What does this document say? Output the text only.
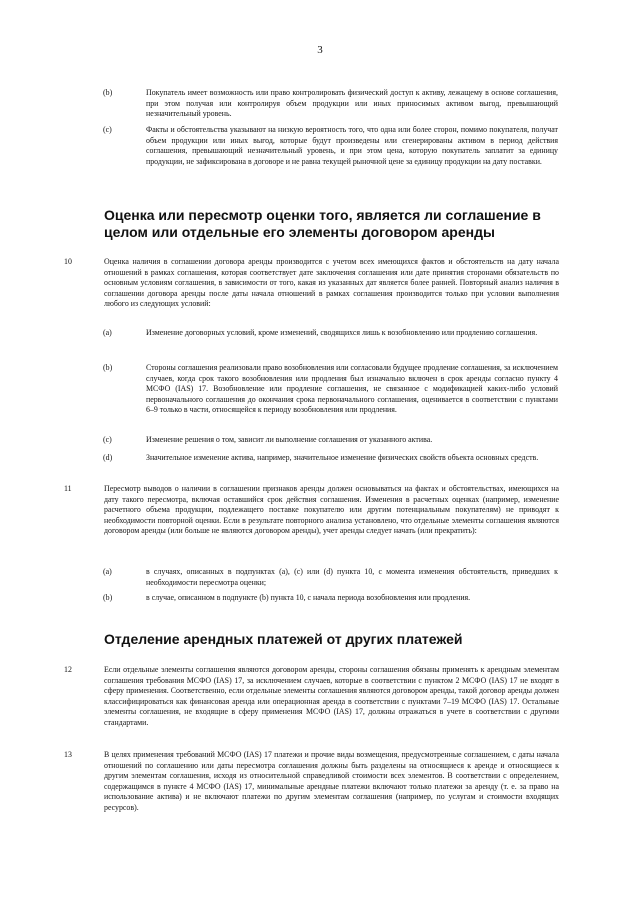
3
(b)	Покупатель имеет возможность или право контролировать физический доступ к активу, лежащему в основе соглашения, при этом получая или контролируя объем продукции или иных приносимых активом выгод, превышающий незначительный уровень.
(c)	Факты и обстоятельства указывают на низкую вероятность того, что одна или более сторон, помимо покупателя, получат объем продукции или иных выгод, которые будут произведены или сгенерированы активом в период действия соглашения, превышающий незначительный уровень, и при этом цена, которую покупатель заплатит за единицу продукции, не зафиксирована в договоре и не равна текущей рыночной цене за единицу продукции на дату поставки.
Оценка или пересмотр оценки того, является ли соглашение в целом или отдельные его элементы договором аренды
10	Оценка наличия в соглашении договора аренды производится с учетом всех имеющихся фактов и обстоятельств на дату начала отношений в рамках соглашения, которая соответствует дате заключения соглашения или дате принятия сторонами обязательств по основным условиям соглашения, в зависимости от того, какая из указанных дат является более ранней. Повторный анализ наличия в соглашении договора аренды после даты начала отношений в рамках соглашения производится только при условии выполнения любого из следующих условий:
(a)	Изменение договорных условий, кроме изменений, сводящихся лишь к возобновлению или продлению соглашения.
(b)	Стороны соглашения реализовали право возобновления или согласовали будущее продление соглашения, за исключением случаев, когда срок такого возобновления или продления был изначально включен в срок аренды согласно пункту 4 МСФО (IAS) 17. Возобновление или продление соглашения, не связанное с модификацией каких-либо условий первоначального соглашения до окончания срока первоначального соглашения, оценивается в соответствии с пунктами 6–9 только в части, относящейся к периоду возобновления или продления.
(c)	Изменение решения о том, зависит ли выполнение соглашения от указанного актива.
(d)	Значительное изменение актива, например, значительное изменение физических свойств объекта основных средств.
11	Пересмотр выводов о наличии в соглашении признаков аренды должен основываться на фактах и обстоятельствах, имеющихся на дату такого пересмотра, включая оставшийся срок действия соглашения. Изменения в расчетных оценках (например, изменение расчетного объема продукции, подлежащего поставке покупателю или другим потенциальным покупателям) не приводят к необходимости повторной оценки. Если в результате повторного анализа установлено, что отдельные элементы соглашения являются договором аренды (или больше не являются договором аренды), учет аренды следует начать (или прекратить):
(a)	в случаях, описанных в подпунктах (a), (c) или (d) пункта 10, с момента изменения обстоятельств, приведших к необходимости пересмотра оценки;
(b)	в случае, описанном в подпункте (b) пункта 10, с начала периода возобновления или продления.
Отделение арендных платежей от других платежей
12	Если отдельные элементы соглашения являются договором аренды, стороны соглашения обязаны применять к арендным элементам соглашения требования МСФО (IAS) 17, за исключением случаев, которые в соответствии с пунктом 2 МСФО (IAS) 17 не входят в сферу применения. Соответственно, если отдельные элементы соглашения являются договором аренды, такой договор аренды должен классифицироваться как финансовая аренда или операционная аренда в соответствии с пунктами 7–19 МСФО (IAS) 17. Остальные элементы соглашения, не входящие в сферу применения МСФО (IAS) 17, должны отражаться в учете в соответствии с другими стандартами.
13	В целях применения требований МСФО (IAS) 17 платежи и прочие виды возмещения, предусмотренные соглашением, с даты начала отношений по соглашению или даты пересмотра соглашения должны быть разделены на относящиеся к аренде и относящиеся к другим элементам соглашения, исходя из относительной справедливой стоимости всех элементов. В соответствии с определением, содержащимся в пункте 4 МСФО (IAS) 17, минимальные арендные платежи включают только платежи за аренду (т. е. за право на использование актива) и не включают платежи по другим элементам соглашения (например, по услугам и стоимости входящих ресурсов).
